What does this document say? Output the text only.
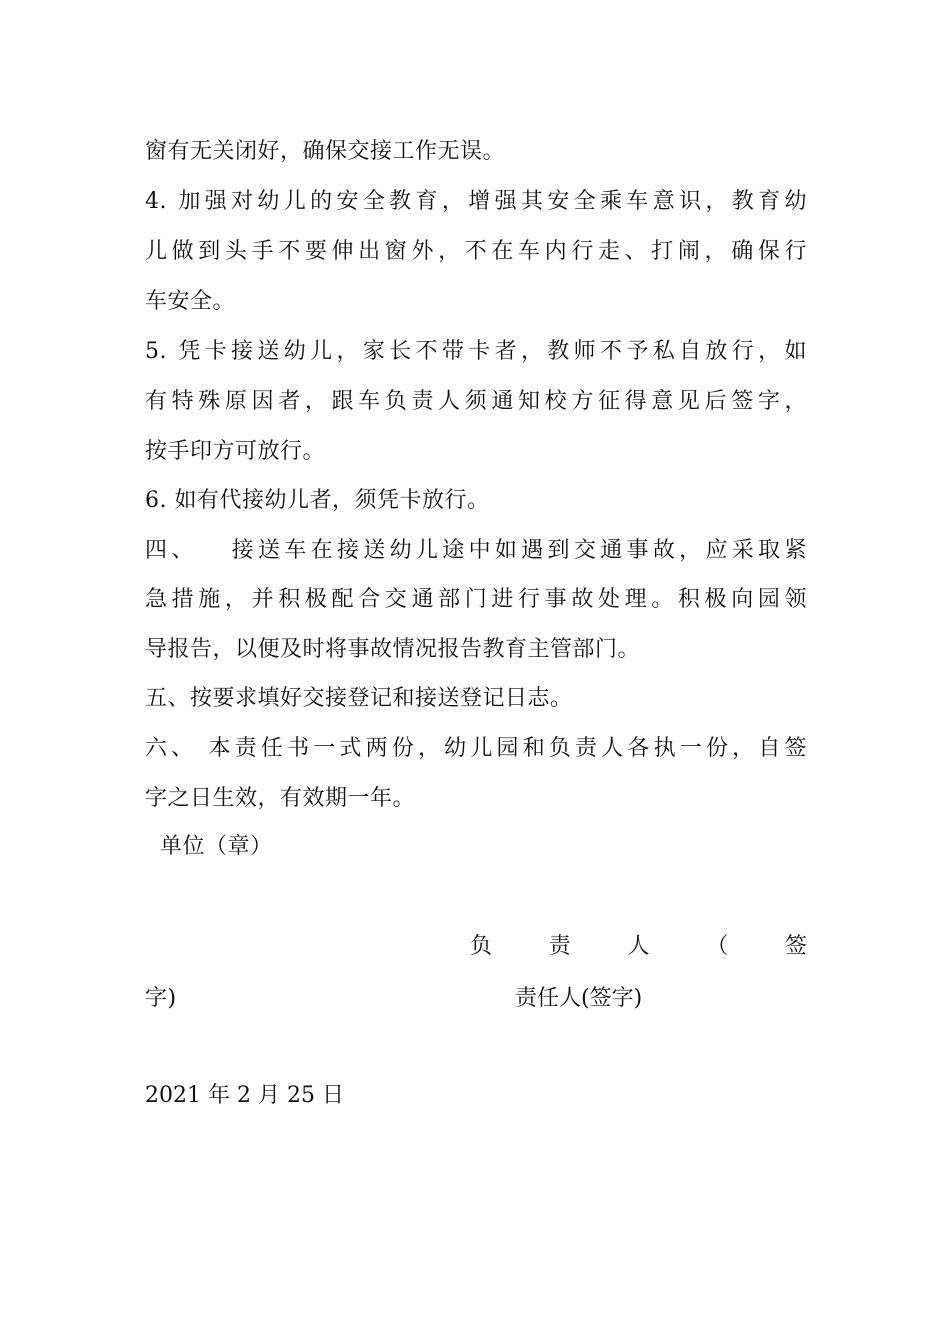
窗有无关闭好，确保交接工作无误。
4. 加强对幼儿的安全教育，增强其安全乘车意识，教育幼
儿做到头手不要伸出窗外，不在车内行走、打闹，确保行
车安全。
5. 凭卡接送幼儿，家长不带卡者，教师不予私自放行，如
有特殊原因者，跟车负责人须通知校方征得意见后签字，
按手印方可放行。
6. 如有代接幼儿者，须凭卡放行。
四、   接送车在接送幼儿途中如遇到交通事故，应采取紧
急措施，并积极配合交通部门进行事故处理。积极向园领
导报告，以便及时将事故情况报告教育主管部门。
五、按要求填好交接登记和接送登记日志。
六、 本责任书一式两份，幼儿园和负责人各执一份，自签
字之日生效，有效期一年。
单位（章）
负	责	人	（	签
字)	责任人(签字)
2021 年 2 月 25 日
